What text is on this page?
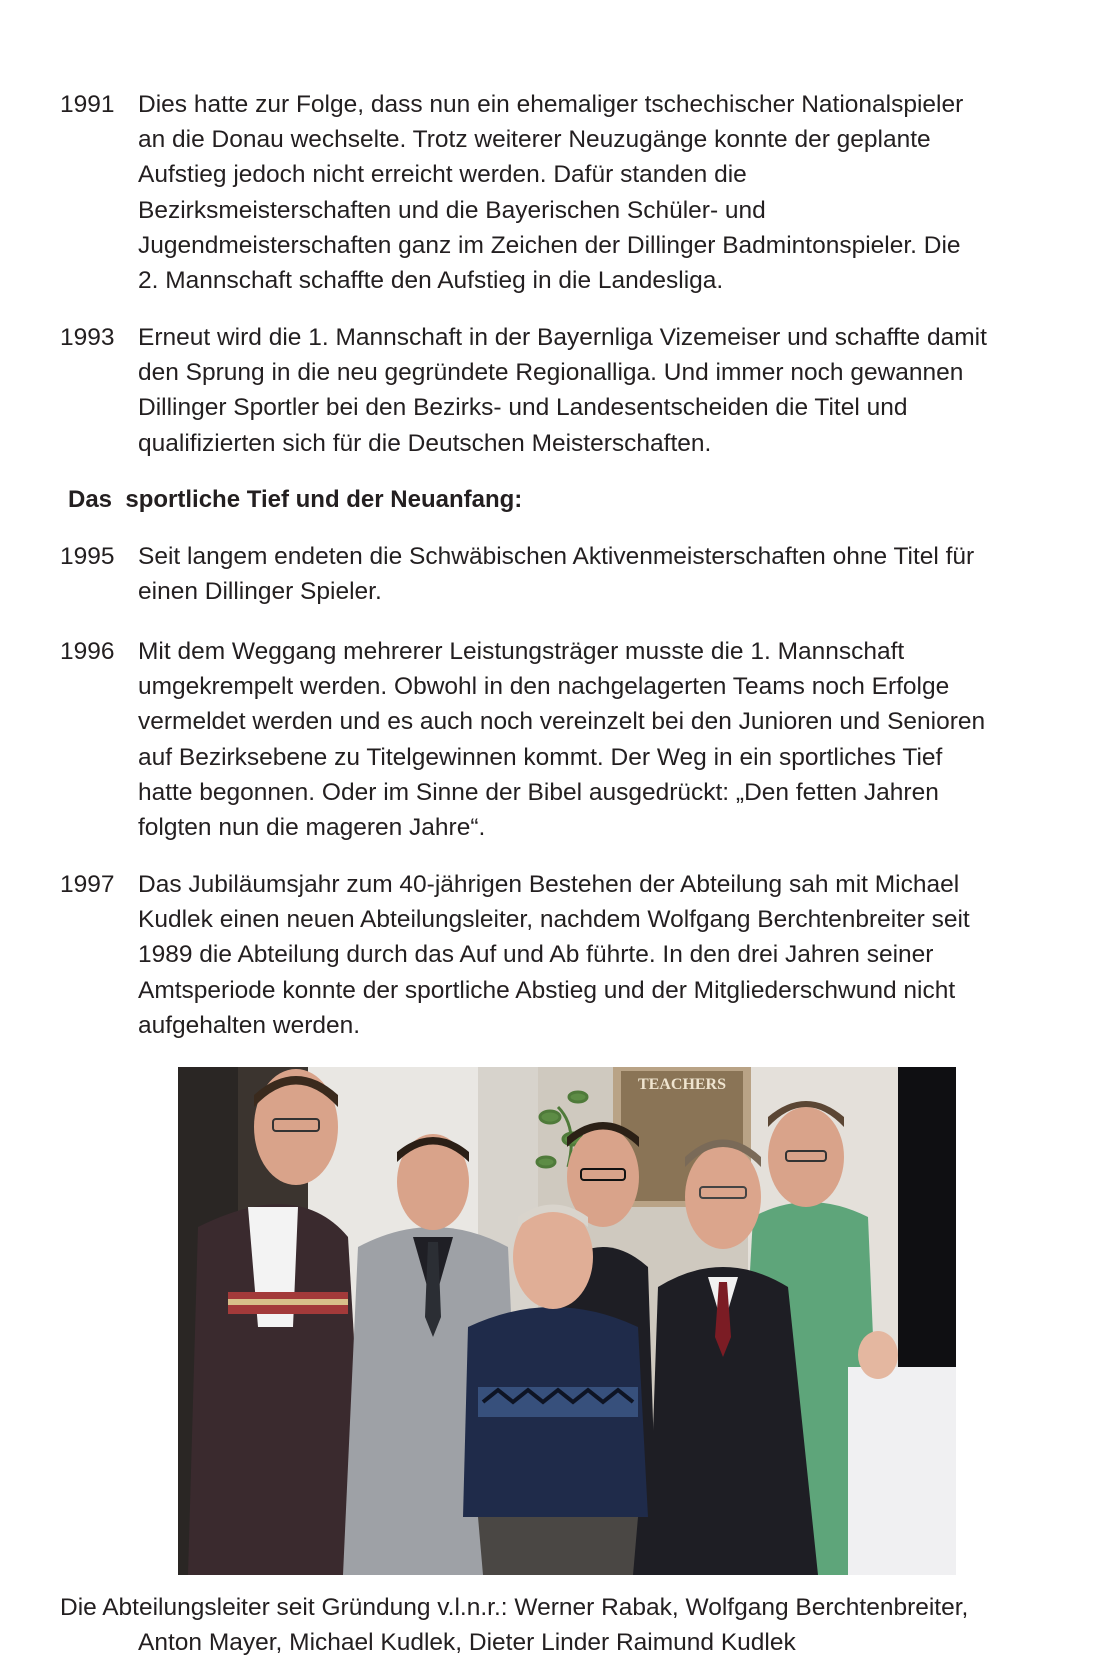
1991 Dies hatte zur Folge, dass nun ein ehemaliger tschechischer Nationalspieler
an die Donau wechselte. Trotz weiterer Neuzugänge konnte der geplante
Aufstieg jedoch nicht erreicht werden. Dafür standen die
Bezirksmeisterschaften und die Bayerischen Schüler- und
Jugendmeisterschaften ganz im Zeichen der Dillinger Badmintonspieler. Die
2. Mannschaft schaffte den Aufstieg in die Landesliga.
1993 Erneut wird die 1. Mannschaft in der Bayernliga Vizemeiser und schaffte damit
den Sprung in die neu gegründete Regionalliga. Und immer noch gewannen
Dillinger Sportler bei den Bezirks- und Landesentscheiden die Titel und
qualifizierten sich für die Deutschen Meisterschaften.
Das  sportliche Tief und der Neuanfang:
1995 Seit langem endeten die Schwäbischen Aktivenmeisterschaften ohne Titel für
einen Dillinger Spieler.
1996 Mit dem Weggang mehrerer Leistungsträger musste die 1. Mannschaft
umgekrempelt werden. Obwohl in den nachgelagerten Teams noch Erfolge
vermeldet werden und es auch noch vereinzelt bei den Junioren und Senioren
auf Bezirksebene zu Titelgewinnen kommt. Der Weg in ein sportliches Tief
hatte begonnen. Oder im Sinne der Bibel ausgedrückt: „Den fetten Jahren
folgten nun die mageren Jahre“.
1997 Das Jubiläumsjahr zum 40-jährigen Bestehen der Abteilung sah mit Michael
Kudlek einen neuen Abteilungsleiter, nachdem Wolfgang Berchtenbreiter seit
1989 die Abteilung durch das Auf und Ab führte. In den drei Jahren seiner
Amtsperiode konnte der sportliche Abstieg und der Mitgliederschwund nicht
aufgehalten werden.
TEACHERS
Die Abteilungsleiter seit Gründung v.l.n.r.: Werner Rabak, Wolfgang Berchtenbreiter,
Anton Mayer, Michael Kudlek, Dieter Linder Raimund Kudlek
